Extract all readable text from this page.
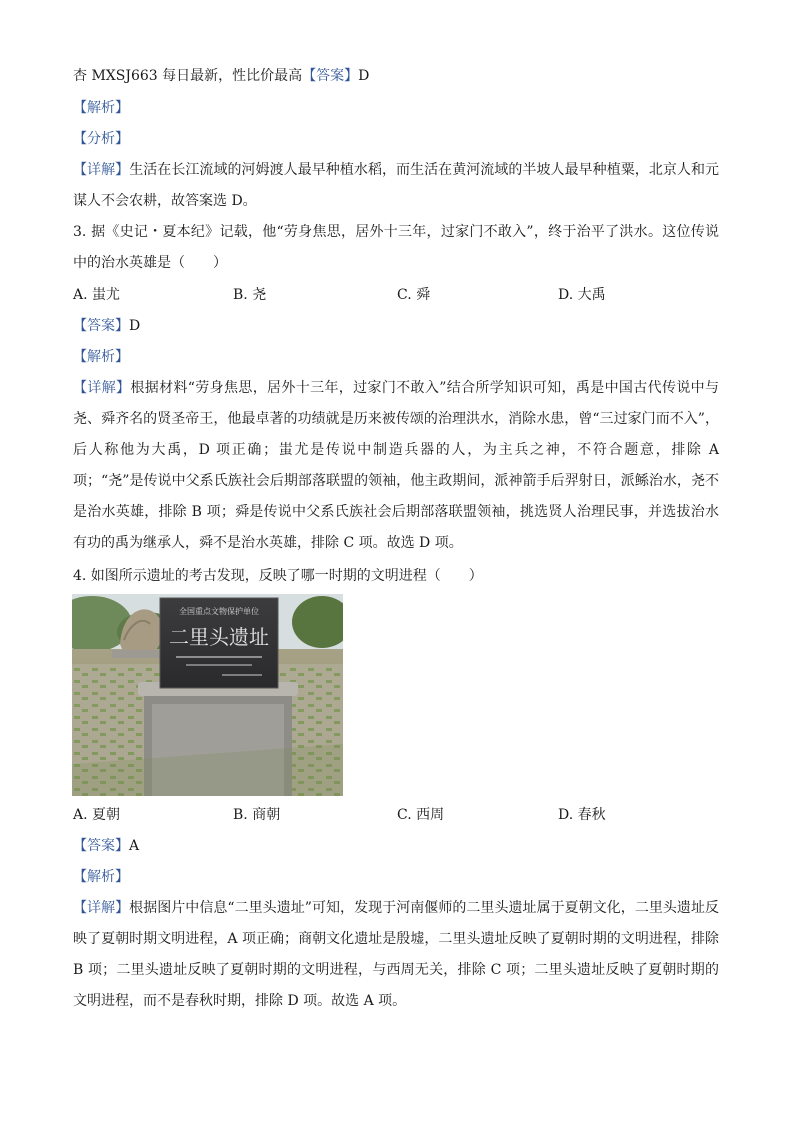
杏 MXSJ663 每日最新，性比价最高【答案】D
【解析】
【分析】
【详解】生活在长江流域的河姆渡人最早种植水稻，而生活在黄河流域的半坡人最早种植粟，北京人和元谋人不会农耕，故答案选 D。
3. 据《史记・夏本纪》记载，他“劳身焦思，居外十三年，过家门不敢入”，终于治平了洪水。这位传说中的治水英雄是（　　）
A. 蚩尤	B. 尧	C. 舜	D. 大禹
【答案】D
【解析】
【详解】根据材料“劳身焦思，居外十三年，过家门不敢入”结合所学知识可知，禹是中国古代传说中与尧、舜齐名的贤圣帝王，他最卓著的功绩就是历来被传颂的治理洪水，消除水患，曾“三过家门而不入”，后人称他为大禹，D 项正确；蚩尤是传说中制造兵器的人，为主兵之神，不符合题意，排除 A 项；“尧”是传说中父系氏族社会后期部落联盟的领袖，他主政期间，派神箭手后羿射日，派鲧治水，尧不是治水英雄，排除 B 项；舜是传说中父系氏族社会后期部落联盟领袖，挑选贤人治理民事，并选拔治水有功的禹为继承人，舜不是治水英雄，排除 C 项。故选 D 项。
4. 如图所示遗址的考古发现，反映了哪一时期的文明进程（　　）
全国重点文物保护单位
二里头遗址
A. 夏朝	B. 商朝	C. 西周	D. 春秋
【答案】A
【解析】
【详解】根据图片中信息“二里头遗址”可知，发现于河南偃师的二里头遗址属于夏朝文化，二里头遗址反映了夏朝时期文明进程，A 项正确；商朝文化遗址是殷墟，二里头遗址反映了夏朝时期的文明进程，排除 B 项；二里头遗址反映了夏朝时期的文明进程，与西周无关，排除 C 项；二里头遗址反映了夏朝时期的文明进程，而不是春秋时期，排除 D 项。故选 A 项。
